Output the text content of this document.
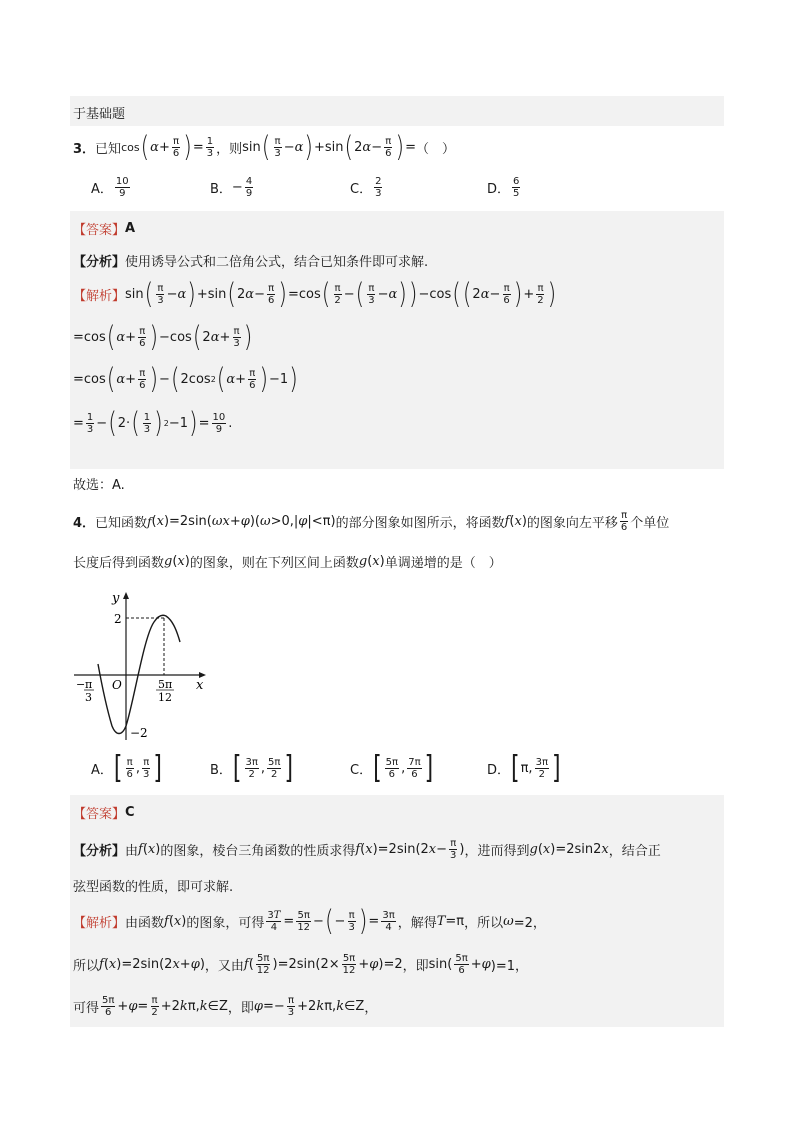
于基础题
3． 已知 cos ( $\alpha + \frac{\pi}{6}$ ) = $\frac{1}{3}$ ，则 sin ( $\frac{\pi}{3} - \alpha$ ) +sin ( 2 $\alpha - \frac{\pi}{6}$ ) = （　）
A． $\frac{10}{9}$	B． − $\frac{4}{9}$	C． $\frac{2}{3}$	D． $\frac{6}{5}$
【答案】 A
【分析】 使用诱导公式和二倍角公式，结合已知条件即可求解.
【解析】 sin ( $\frac{\pi}{3} - \alpha$ ) +sin ( 2 $\alpha - \frac{\pi}{6}$ ) =cos ( $\frac{\pi}{2}$ − ( $\frac{\pi}{3} - \alpha$ ) ) −cos ( ( 2 $\alpha - \frac{\pi}{6}$ ) + $\frac{\pi}{2}$ )
=cos ( $\alpha + \frac{\pi}{6}$ ) −cos ( 2 $\alpha + \frac{\pi}{3}$ )
=cos ( $\alpha + \frac{\pi}{6}$ ) − ( 2cos 2 ( $\alpha + \frac{\pi}{6}$ ) −1 )
= $\frac{1}{3}$ − ( 2· ( $\frac{1}{3}$ ) 2 −1 ) = $\frac{10}{9}$ .
故选：A.
4． 已知函数 f ( x )=2sin( ωx + φ )( ω >0,| φ |<π) 的部分图象如图所示，将函数 f ( x ) 的图象向左平移 $\frac{\pi}{6}$ 个单位
长度后得到函数 g ( x ) 的图象，则在下列区间上函数 g ( x ) 单调递增的是（　）
y
x
O
2
−2
− π
3
5π
12
A． [ $\frac{\pi}{6}$ , $\frac{\pi}{3}$ ]	B． [ $\frac{3\pi}{2}$ , $\frac{5\pi}{2}$ ]	C． [ $\frac{5\pi}{6}$ , $\frac{7\pi}{6}$ ]	D． [ π, $\frac{3\pi}{2}$ ]
【答案】 C
【分析】 由 f ( x ) 的图象，棱台三角函数的性质求得 f ( x )=2sin(2 $x - \frac{\pi}{3}$ ) ，进而得到 g ( x )=2sin2 x ，结合正
弦型函数的性质，即可求解.
【解析】 由函数 f ( x ) 的图象，可得 $\frac{3T}{4} = \frac{5\pi}{12}$ − ( − $\frac{\pi}{3}$ ) = $\frac{3\pi}{4}$ ，解得 T =π ，所以 ω =2，
所以 f ( x )=2sin(2 x + φ ) ，又由 f ( $\frac{5\pi}{12} )=2\sin(2\times \frac{5\pi}{12} + \varphi$ )=2 ，即 $\sin( \frac{5\pi}{6} + \varphi$ )=1，
可得 $\frac{5\pi}{6} + \varphi = \frac{\pi}{2} +2$ k π, k ∈Z ，即 $\varphi =- \frac{\pi}{3} +2$ k π, k ∈Z ，
